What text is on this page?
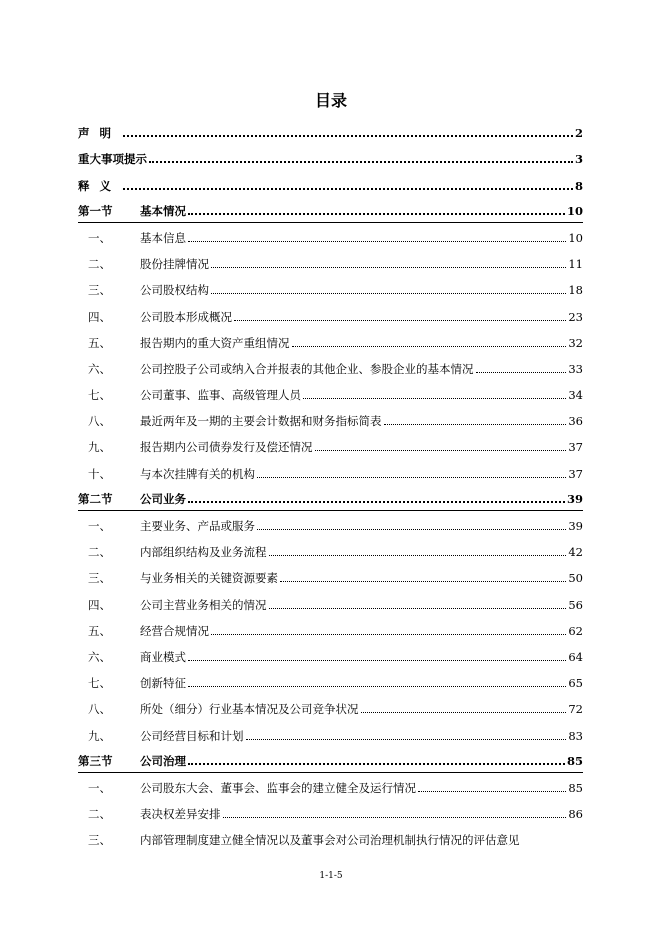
目录
声明	2
重大事项提示	3
释义	8
第一节	基本情况	10
一、	基本信息	10
二、	股份挂牌情况	11
三、	公司股权结构	18
四、	公司股本形成概况	23
五、	报告期内的重大资产重组情况	32
六、	公司控股子公司或纳入合并报表的其他企业、参股企业的基本情况	33
七、	公司董事、监事、高级管理人员	34
八、	最近两年及一期的主要会计数据和财务指标简表	36
九、	报告期内公司债券发行及偿还情况	37
十、	与本次挂牌有关的机构	37
第二节	公司业务	39
一、	主要业务、产品或服务	39
二、	内部组织结构及业务流程	42
三、	与业务相关的关键资源要素	50
四、	公司主营业务相关的情况	56
五、	经营合规情况	62
六、	商业模式	64
七、	创新特征	65
八、	所处（细分）行业基本情况及公司竞争状况	72
九、	公司经营目标和计划	83
第三节	公司治理	85
一、	公司股东大会、董事会、监事会的建立健全及运行情况	85
二、	表决权差异安排	86
三、	内部管理制度建立健全情况以及董事会对公司治理机制执行情况的评估意见
1-1-5
